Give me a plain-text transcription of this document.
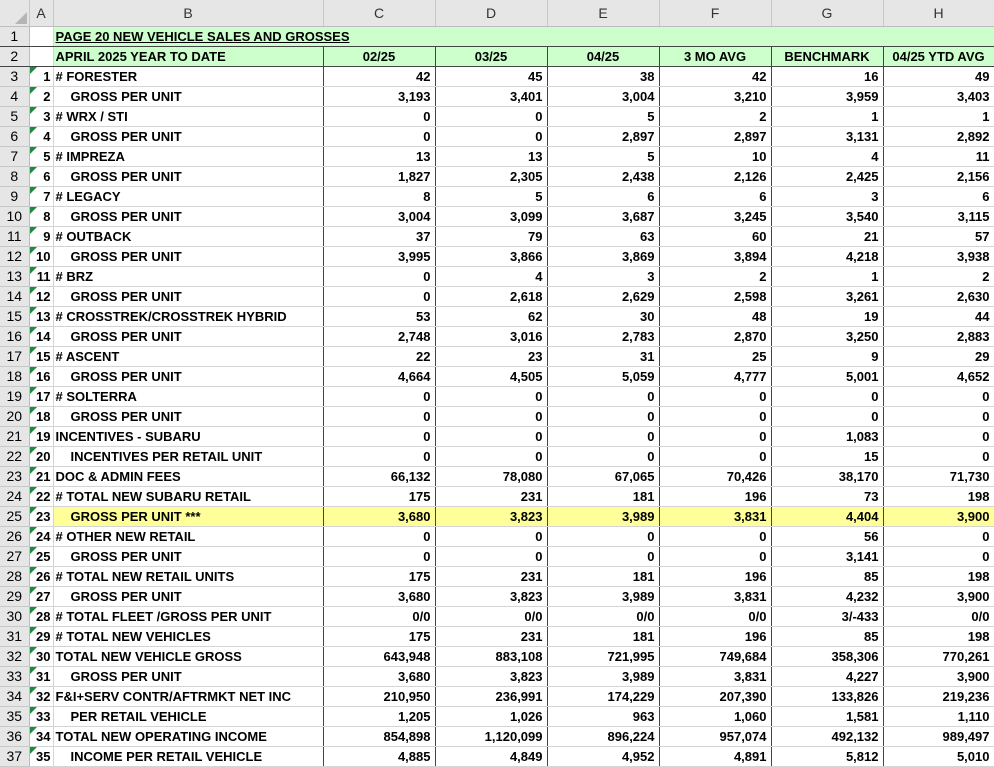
	A	B	C	D	E	F	G	H
1		PAGE 20 NEW VEHICLE SALES AND GROSSES						
2		APRIL 2025 YEAR TO DATE	02/25	03/25	04/25	3 MO AVG	BENCHMARK	04/25 YTD AVG
3	1	# FORESTER	42	45	38	42	16	49
4	2	GROSS PER UNIT	3,193	3,401	3,004	3,210	3,959	3,403
5	3	# WRX / STI	0	0	5	2	1	1
6	4	GROSS PER UNIT	0	0	2,897	2,897	3,131	2,892
7	5	# IMPREZA	13	13	5	10	4	11
8	6	GROSS PER UNIT	1,827	2,305	2,438	2,126	2,425	2,156
9	7	# LEGACY	8	5	6	6	3	6
10	8	GROSS PER UNIT	3,004	3,099	3,687	3,245	3,540	3,115
11	9	# OUTBACK	37	79	63	60	21	57
12	10	GROSS PER UNIT	3,995	3,866	3,869	3,894	4,218	3,938
13	11	# BRZ	0	4	3	2	1	2
14	12	GROSS PER UNIT	0	2,618	2,629	2,598	3,261	2,630
15	13	# CROSSTREK/CROSSTREK HYBRID	53	62	30	48	19	44
16	14	GROSS PER UNIT	2,748	3,016	2,783	2,870	3,250	2,883
17	15	# ASCENT	22	23	31	25	9	29
18	16	GROSS PER UNIT	4,664	4,505	5,059	4,777	5,001	4,652
19	17	# SOLTERRA	0	0	0	0	0	0
20	18	GROSS PER UNIT	0	0	0	0	0	0
21	19	INCENTIVES - SUBARU	0	0	0	0	1,083	0
22	20	INCENTIVES PER RETAIL UNIT	0	0	0	0	15	0
23	21	DOC & ADMIN FEES	66,132	78,080	67,065	70,426	38,170	71,730
24	22	# TOTAL NEW SUBARU RETAIL	175	231	181	196	73	198
25	23	GROSS PER UNIT ***	3,680	3,823	3,989	3,831	4,404	3,900
26	24	# OTHER NEW RETAIL	0	0	0	0	56	0
27	25	GROSS PER UNIT	0	0	0	0	3,141	0
28	26	# TOTAL NEW RETAIL UNITS	175	231	181	196	85	198
29	27	GROSS PER UNIT	3,680	3,823	3,989	3,831	4,232	3,900
30	28	# TOTAL FLEET /GROSS PER UNIT	0/0	0/0	0/0	0/0	3/-433	0/0
31	29	# TOTAL NEW VEHICLES	175	231	181	196	85	198
32	30	TOTAL NEW VEHICLE GROSS	643,948	883,108	721,995	749,684	358,306	770,261
33	31	GROSS PER UNIT	3,680	3,823	3,989	3,831	4,227	3,900
34	32	F&I+SERV CONTR/AFTRMKT NET INC	210,950	236,991	174,229	207,390	133,826	219,236
35	33	PER RETAIL VEHICLE	1,205	1,026	963	1,060	1,581	1,110
36	34	TOTAL NEW OPERATING INCOME	854,898	1,120,099	896,224	957,074	492,132	989,497
37	35	INCOME PER RETAIL VEHICLE	4,885	4,849	4,952	4,891	5,812	5,010
